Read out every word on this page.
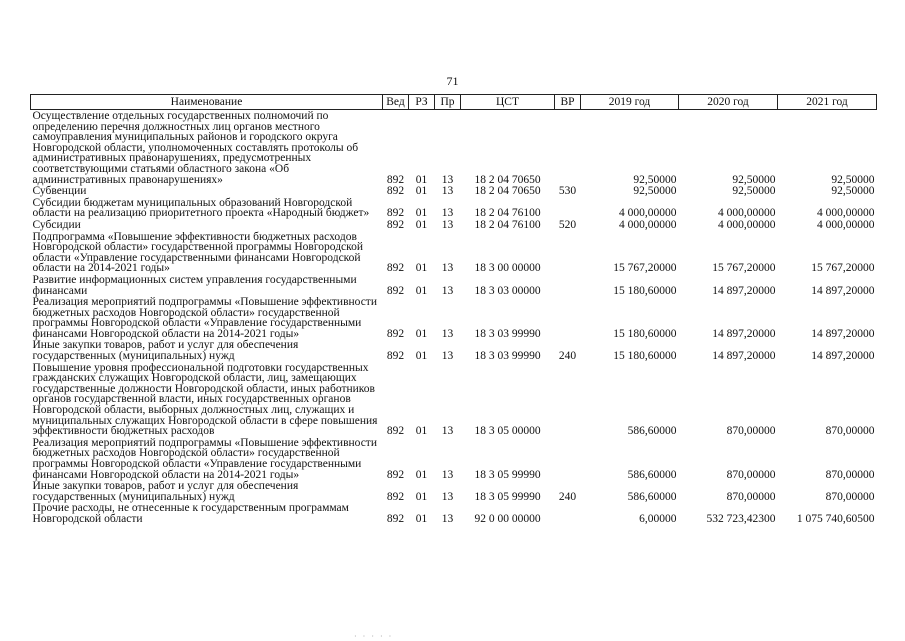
71
Наименование	Вед	РЗ	Пр	ЦСТ	ВР	2019 год	2020 год	2021 год
Осуществление отдельных государственных полномочий по определению перечня должностных лиц органов местного самоуправления муниципальных районов и городского округа Новгородской области, уполномоченных составлять протоколы об административных правонарушениях, предусмотренных соответствующими статьями областного закона «Об административных правонарушениях»	892	01	13	18 2 04 70650		92,50000	92,50000	92,50000
Субвенции	892	01	13	18 2 04 70650	530	92,50000	92,50000	92,50000
Субсидии бюджетам муниципальных образований Новгородской области на реализацию приоритетного проекта «Народный бюджет»	892	01	13	18 2 04 76100		4 000,00000	4 000,00000	4 000,00000
Субсидии	892	01	13	18 2 04 76100	520	4 000,00000	4 000,00000	4 000,00000
Подпрограмма «Повышение эффективности бюджетных расходов Новгородской области» государственной программы Новгородской области «Управление государственными финансами Новгородской области на 2014-2021 годы»	892	01	13	18 3 00 00000		15 767,20000	15 767,20000	15 767,20000
Развитие информационных систем управления государственными финансами	892	01	13	18 3 03 00000		15 180,60000	14 897,20000	14 897,20000
Реализация мероприятий подпрограммы «Повышение эффективности бюджетных расходов Новгородской области» государственной программы Новгородской области «Управление государственными финансами Новгородской области на 2014-2021 годы»	892	01	13	18 3 03 99990		15 180,60000	14 897,20000	14 897,20000
Иные закупки товаров, работ и услуг для обеспечения государственных (муниципальных) нужд	892	01	13	18 3 03 99990	240	15 180,60000	14 897,20000	14 897,20000
Повышение уровня профессиональной подготовки государственных гражданских служащих Новгородской области, лиц, замещающих государственные должности Новгородской области, иных работников органов государственной власти, иных государственных органов Новгородской области, выборных должностных лиц, служащих и муниципальных служащих Новгородской области в сфере повышения эффективности бюджетных расходов	892	01	13	18 3 05 00000		586,60000	870,00000	870,00000
Реализация мероприятий подпрограммы «Повышение эффективности бюджетных расходов Новгородской области» государственной программы Новгородской области «Управление государственными финансами Новгородской области на 2014-2021 годы»	892	01	13	18 3 05 99990		586,60000	870,00000	870,00000
Иные закупки товаров, работ и услуг для обеспечения государственных (муниципальных) нужд	892	01	13	18 3 05 99990	240	586,60000	870,00000	870,00000
Прочие расходы, не отнесенные к государственным программам Новгородской области	892	01	13	92 0 00 00000		6,00000	532 723,42300	1 075 740,60500
· · · · ·
